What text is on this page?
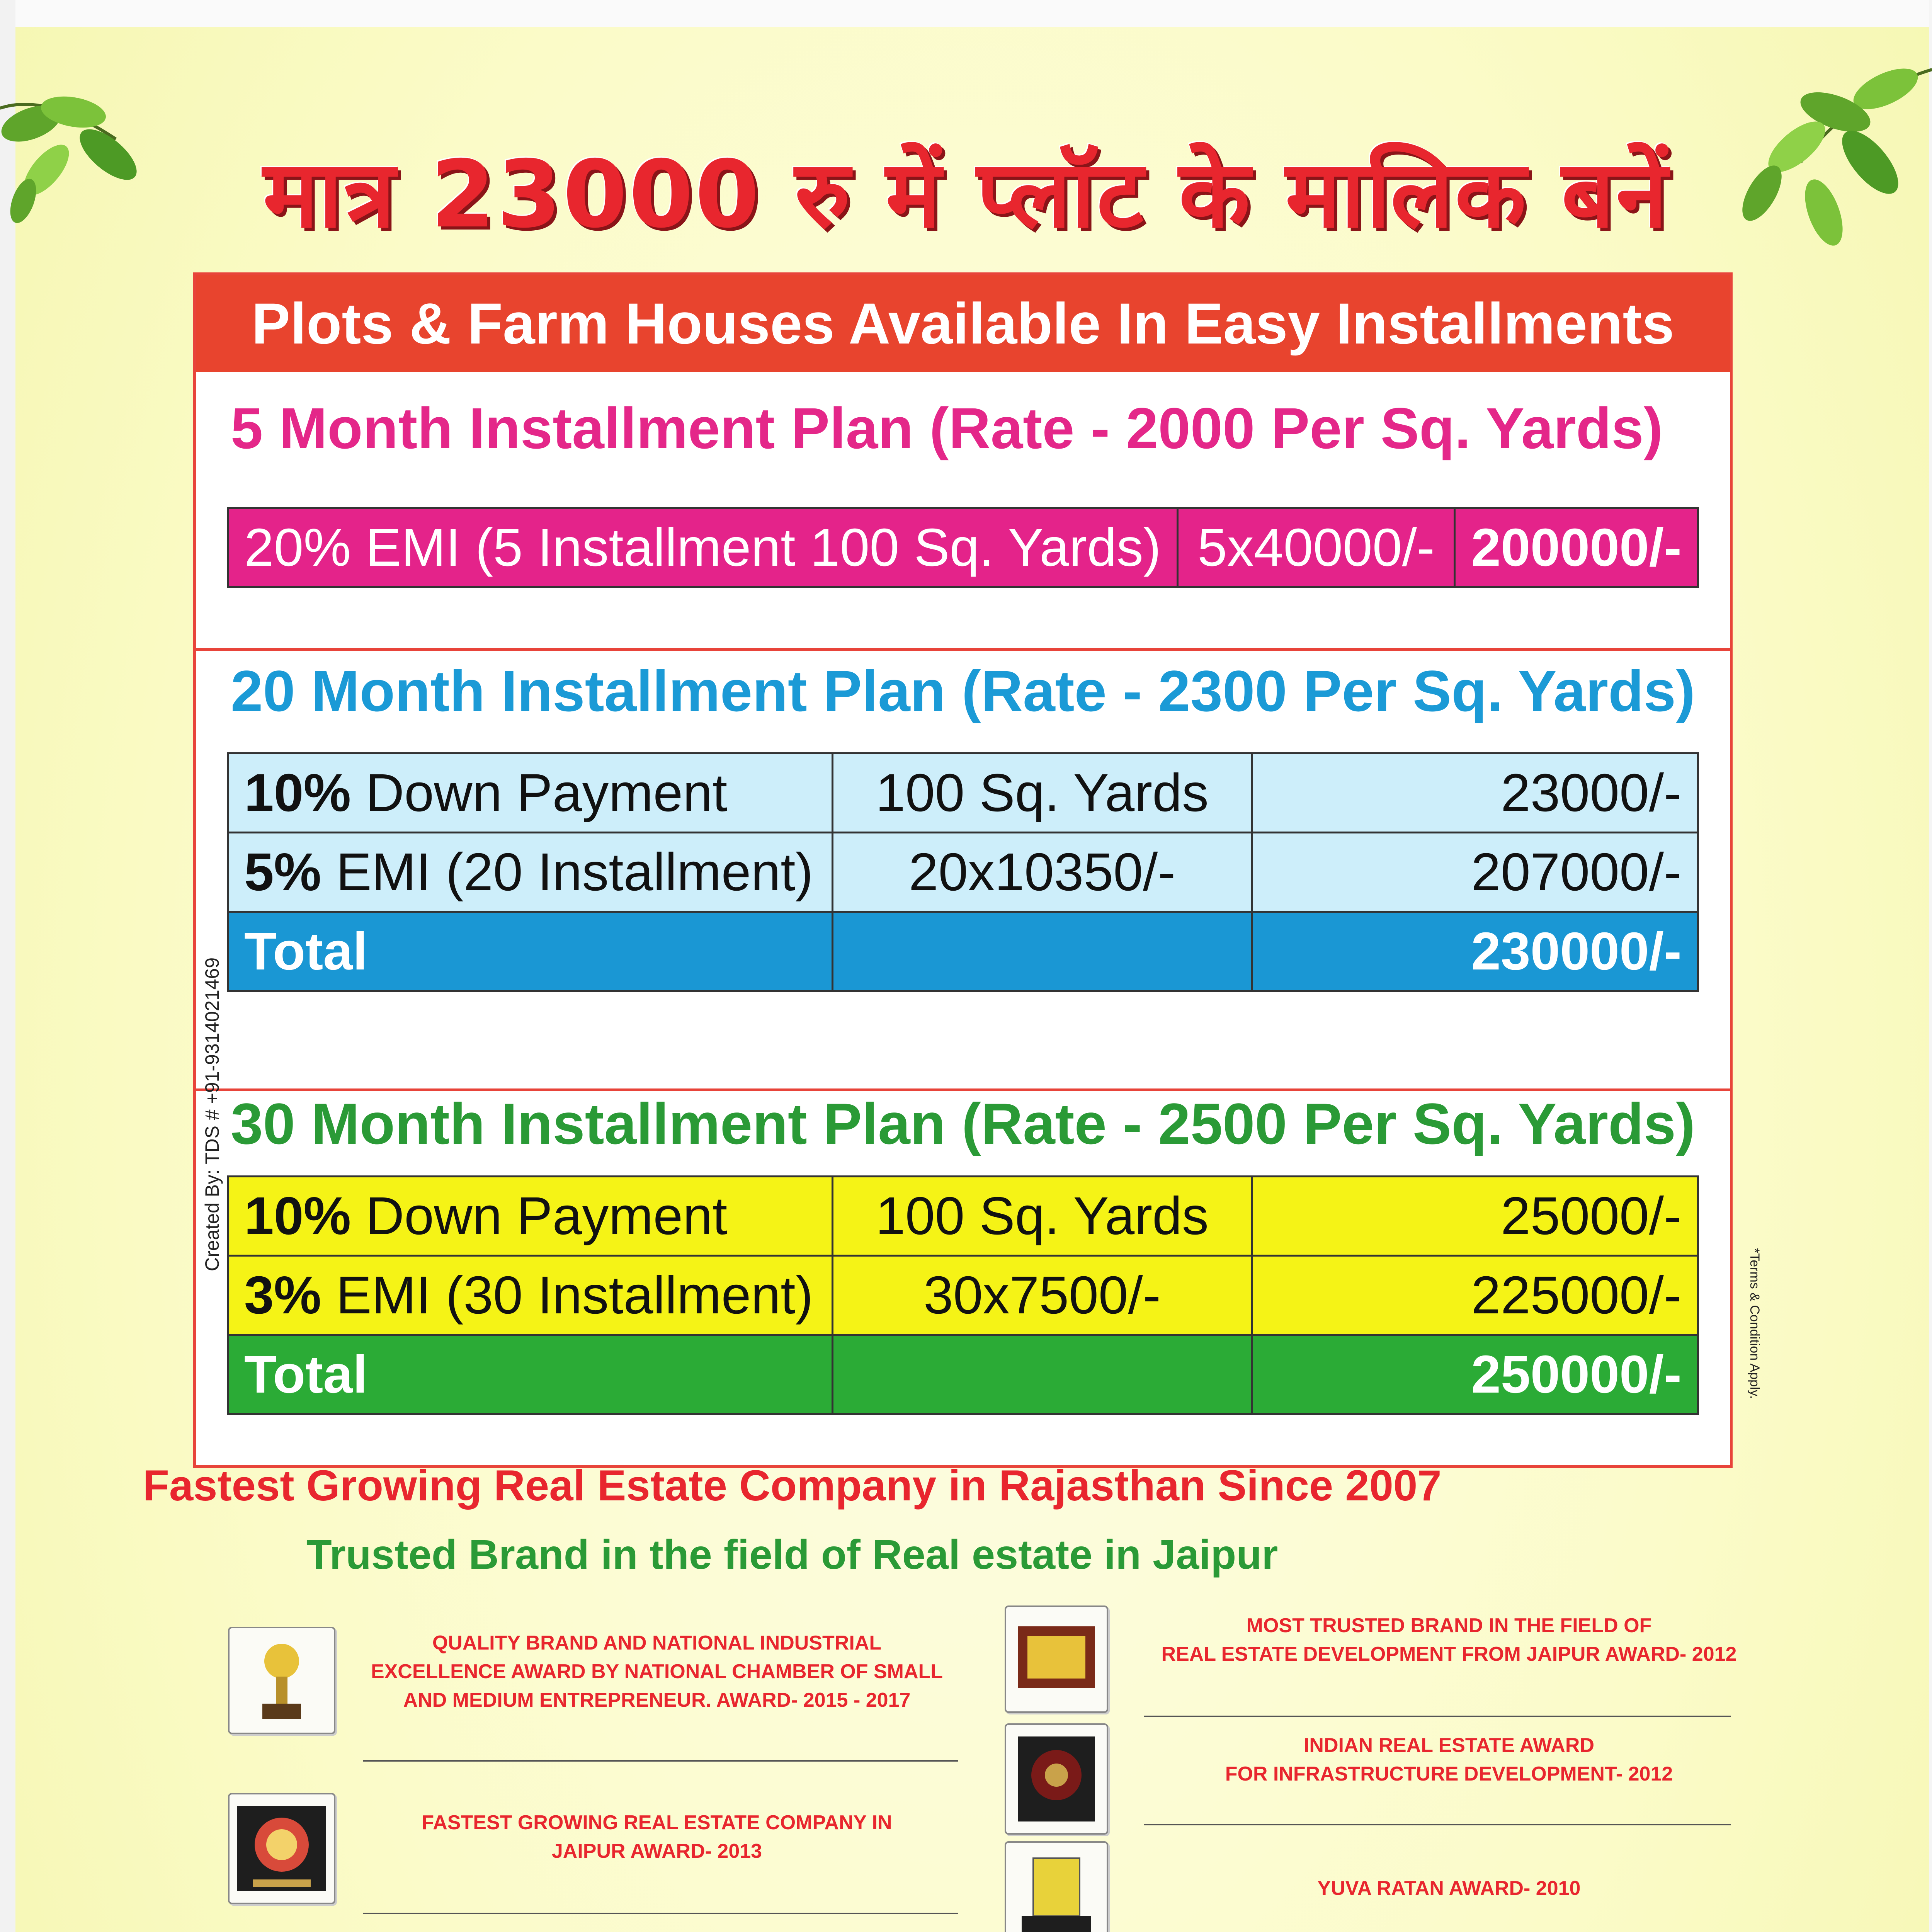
मात्र 23000 रु में प्लॉट के मालिक बनें
Plots & Farm Houses Available In Easy Installments
5 Month Installment Plan (Rate - 2000 Per Sq. Yards)
20% EMI (5 Installment 100 Sq. Yards)	5x40000/-	200000/-
20 Month Installment Plan (Rate - 2300 Per Sq. Yards)
10% Down Payment	100 Sq. Yards	23000/-
5% EMI (20 Installment)	20x10350/-	207000/-
Total		230000/-
30 Month Installment Plan (Rate - 2500 Per Sq. Yards)
10% Down Payment	100 Sq. Yards	25000/-
3% EMI (30 Installment)	30x7500/-	225000/-
Total		250000/-
Created By: TDS # +91-9314021469
*Terms & Condition Apply.
Fastest Growing Real Estate Company in Rajasthan Since 2007
Trusted Brand in the field of Real estate in Jaipur
QUALITY BRAND AND NATIONAL INDUSTRIAL
EXCELLENCE AWARD BY NATIONAL CHAMBER OF SMALL
AND MEDIUM ENTREPRENEUR. AWARD- 2015 - 2017
FASTEST GROWING REAL ESTATE COMPANY IN
JAIPUR AWARD- 2013
MOST TRUSTED BRAND IN THE FIELD OF
REAL ESTATE DEVELOPMENT FROM JAIPUR AWARD- 2012
INDIAN REAL ESTATE AWARD
FOR INFRASTRUCTURE DEVELOPMENT- 2012
YUVA RATAN AWARD- 2010
